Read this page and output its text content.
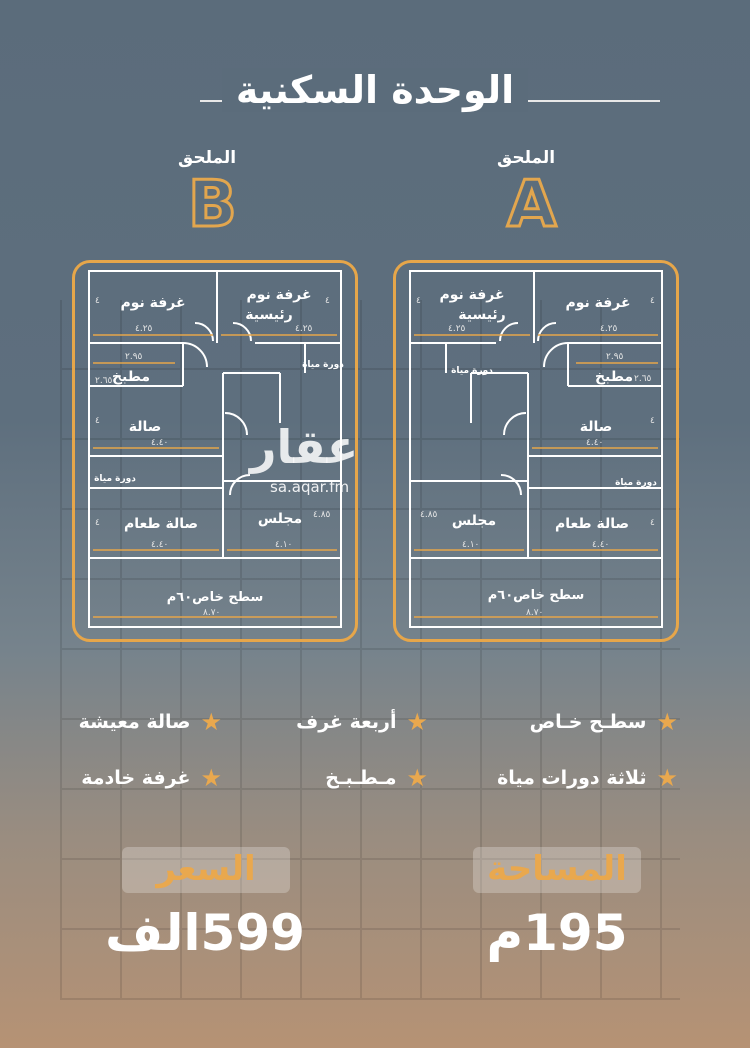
الوحدة السكنية
الملحق
B
الملحق
A
غرفة نوم	غرفة نوم
رئيسية
مطبخ
صالة
دورة مياة
دورة مياة
صالة طعام	مجلس
سطح خاص٦٠م
٤.٢٥	٤.٢٥
٢.٩٥
٢.٦٥
٤.٤٠
٤.٤٠	٤.١٠
٤.٨٥
٨.٧٠
٤
٤
٤
٤	غرفة نوم
غرفة نوم
رئيسية
مطبخ
صالة
دورة مياة
دورة مياة
صالة طعام
مجلس
سطح خاص٦٠م
٤.٢٥	٤.٢٥
٢.٩٥
٢.٦٥
٤.٤٠
٤.٤٠
٤.١٠
٤.٨٥
٨.٧٠
٤
٤
٤
٤
عقار
sa.aqar.fm
★
سطـح خـاص
★
أربعة غرف
★
صالة معيشة
★
ثلاثة دورات مياة
★
مـطـبـخ
★
غرفة خادمة
السعر	المساحة
599الف	195م
